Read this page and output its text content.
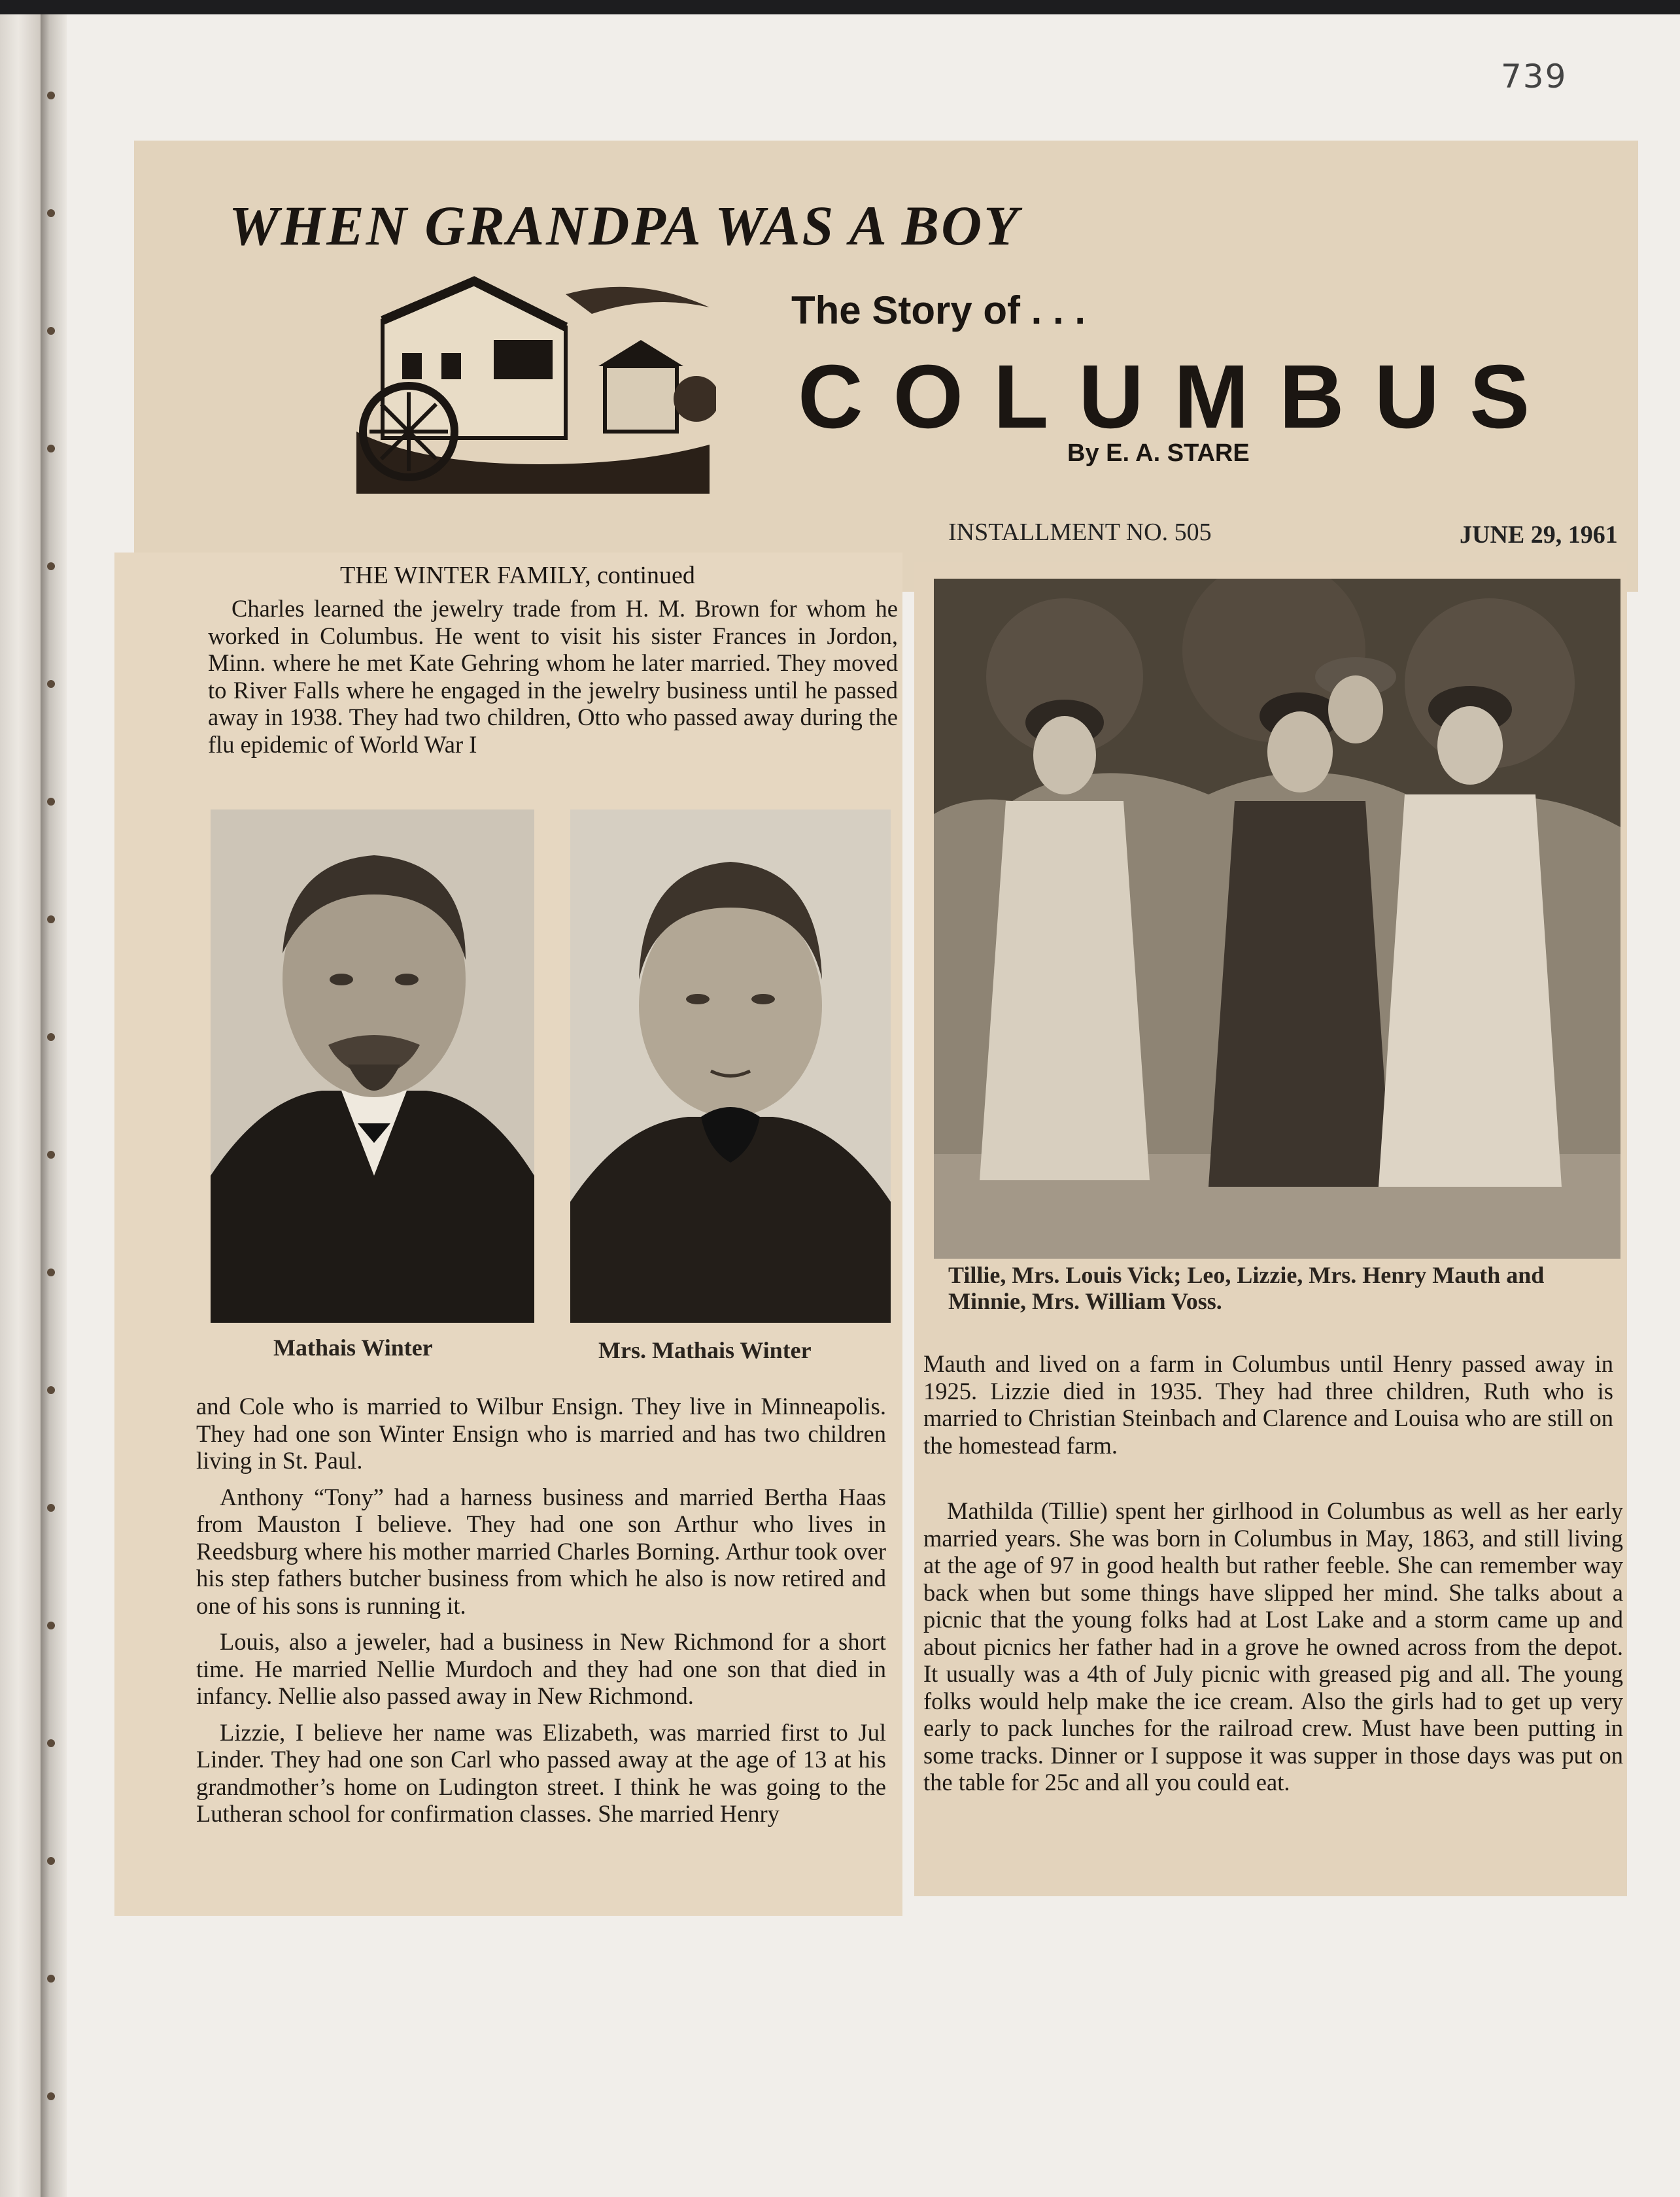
739
WHEN GRANDPA WAS A BOY
The Story of . . .
COLUMBUS
By E. A. STARE
INSTALLMENT NO. 505	JUNE 29, 1961
THE WINTER FAMILY, continued

Charles learned the jewelry trade from H. M. Brown for whom he worked in Columbus. He went to visit his sister Frances in Jordon, Minn. where he met Kate Gehring whom he later married. They moved to River Falls where he engaged in the jewelry business until he passed away in 1938. They had two children, Otto who passed away during the flu epidemic of World War I

Mathais Winter	Mrs. Mathais Winter

and Cole who is married to Wilbur Ensign. They live in Minneapolis. They had one son Winter Ensign who is married and has two children living in St. Paul.

Anthony “Tony” had a harness business and married Bertha Haas from Mauston I believe. They had one son Arthur who lives in Reedsburg where his mother married Charles Borning. Arthur took over his step fathers butcher business from which he also is now retired and one of his sons is running it.

Louis, also a jeweler, had a business in New Richmond for a short time. He married Nellie Murdoch and they had one son that died in infancy. Nellie also passed away in New Richmond.

Lizzie, I believe her name was Elizabeth, was married first to Jul Linder. They had one son Carl who passed away at the age of 13 at his grandmother’s home on Ludington street. I think he was going to the Lutheran school for confirmation classes. She married Henry

Tillie, Mrs. Louis Vick; Leo, Lizzie, Mrs. Henry Mauth and Minnie, Mrs. William Voss.

Mauth and lived on a farm in Columbus until Henry passed away in 1925. Lizzie died in 1935. They had three children, Ruth who is married to Christian Steinbach and Clarence and Louisa who are still on the homestead farm.

Mathilda (Tillie) spent her girlhood in Columbus as well as her early married years. She was born in Columbus in May, 1863, and still living at the age of 97 in good health but rather feeble. She can remember way back when but some things have slipped her mind. She talks about a picnic that the young folks had at Lost Lake and a storm came up and about picnics her father had in a grove he owned across from the depot. It usually was a 4th of July picnic with greased pig and all. The young folks would help make the ice cream. Also the girls had to get up very early to pack lunches for the railroad crew. Must have been putting in some tracks. Dinner or I suppose it was supper in those days was put on the table for 25c and all you could eat.
